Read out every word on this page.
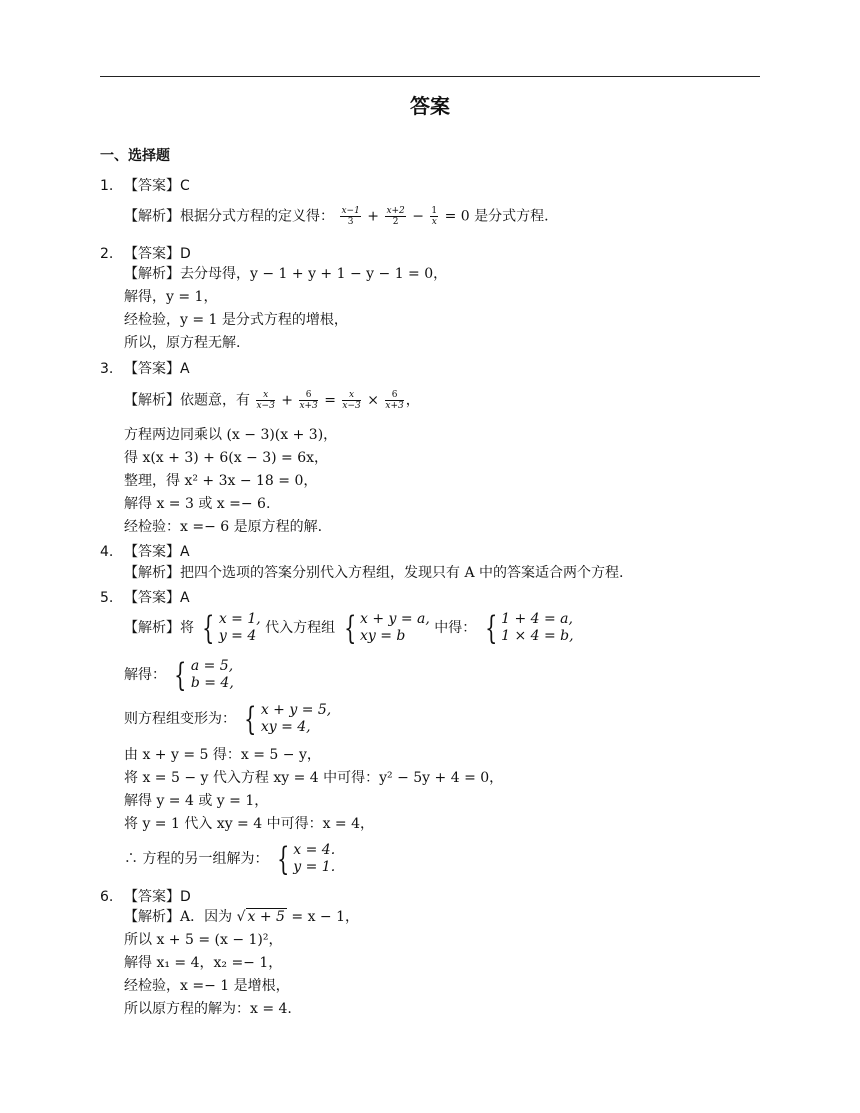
答案
一、选择题
1. 【答案】C
【解析】根据分式方程的定义得： $\frac{x-1}{3} + \frac{x+2}{2} - \frac{1}{x} = 0$ 是分式方程.
2. 【答案】D
【解析】去分母得，y − 1 + y + 1 − y − 1 = 0，
解得，y = 1，
经检验，y = 1 是分式方程的增根，
所以，原方程无解.
3. 【答案】A
【解析】依题意，有 $\frac{x}{x-3} + \frac{6}{x+3} = \frac{x}{x-3} \times \frac{6}{x+3}$ ，
方程两边同乘以 (x − 3)(x + 3)，
得 x(x + 3) + 6(x − 3) = 6x，
整理，得 x² + 3x − 18 = 0，
解得 x = 3 或 x =− 6.
经检验：x =− 6 是原方程的解.
4. 【答案】A
【解析】把四个选项的答案分别代入方程组，发现只有 A 中的答案适合两个方程.
5. 【答案】A
【解析】将 { x = 1,
y = 4 代入方程组 { x + y = a,
xy = b	中得： { 1 + 4 = a,
1 × 4 = b,
解得： { a = 5,
b = 4,
则方程组变形为： { x + y = 5,
xy = 4,
由 x + y = 5 得：x = 5 − y，
将 x = 5 − y 代入方程 xy = 4 中可得：y² − 5y + 4 = 0，
解得 y = 4 或 y = 1，
将 y = 1 代入 xy = 4 中可得：x = 4，
∴ 方程的另一组解为： { x = 4.
y = 1.
6. 【答案】D
【解析】A．因为 √ x + 5 = x − 1，
所以 x + 5 = (x − 1)²，
解得 x₁ = 4，x₂ =− 1，
经检验，x =− 1 是增根，
所以原方程的解为：x = 4.
